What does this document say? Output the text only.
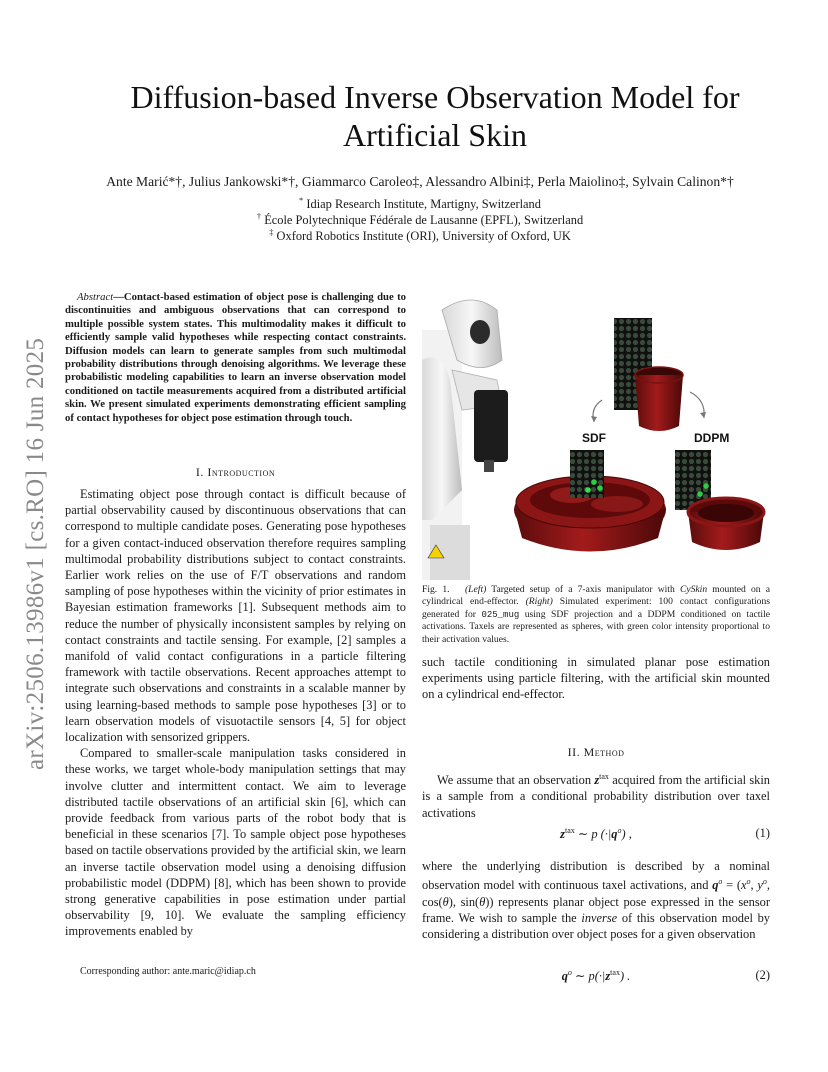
arXiv:2506.13986v1 [cs.RO] 16 Jun 2025
Diffusion-based Inverse Observation Model for Artificial Skin
Ante Marić*†, Julius Jankowski*†, Giammarco Caroleo‡, Alessandro Albini‡, Perla Maiolino‡, Sylvain Calinon*†
* Idiap Research Institute, Martigny, Switzerland
† École Polytechnique Fédérale de Lausanne (EPFL), Switzerland
‡ Oxford Robotics Institute (ORI), University of Oxford, UK
Abstract—Contact-based estimation of object pose is challenging due to discontinuities and ambiguous observations that can correspond to multiple possible system states. This multimodality makes it difficult to efficiently sample valid hypotheses while respecting contact constraints. Diffusion models can learn to generate samples from such multimodal probability distributions through denoising algorithms. We leverage these probabilistic modeling capabilities to learn an inverse observation model conditioned on tactile measurements acquired from a distributed artificial skin. We present simulated experiments demonstrating efficient sampling of contact hypotheses for object pose estimation through touch.
I. Introduction

Estimating object pose through contact is difficult because of partial observability caused by discontinuous observations that can correspond to multiple candidate poses. Generating pose hypotheses for a given contact-induced observation therefore requires sampling multimodal probability distributions subject to contact constraints. Earlier work relies on the use of F/T observations and random sampling of pose hypotheses within the vicinity of prior estimates in Bayesian estimation frameworks [1]. Subsequent methods aim to reduce the number of physically inconsistent samples by relying on contact constraints and tactile sensing. For example, [2] samples a manifold of valid contact configurations in a particle filtering framework with tactile observations. Recent approaches attempt to integrate such observations and constraints in a scalable manner by using learning-based methods to sample pose hypotheses [3] or to learn observation models of visuotactile sensors [4, 5] for object localization with sensorized grippers.

Compared to smaller-scale manipulation tasks considered in these works, we target whole-body manipulation settings that may involve clutter and intermittent contact. We aim to leverage distributed tactile observations of an artificial skin [6], which can provide feedback from various parts of the robot body that is beneficial in these scenarios [7]. To sample object pose hypotheses based on tactile observations provided by the artificial skin, we learn an inverse tactile observation model using a denoising diffusion probabilistic model (DDPM) [8], which has been shown to provide strong generative capabilities in pose estimation under partial observability [9, 10]. We evaluate the sampling efficiency improvements enabled by

Corresponding author: ante.maric@idiap.ch
SDF	DDPM
Fig. 1. (Left) Targeted setup of a 7-axis manipulator with CySkin mounted on a cylindrical end-effector. (Right) Simulated experiment: 100 contact configurations generated for 025_mug using SDF projection and a DDPM conditioned on tactile activations. Taxels are represented as spheres, with green color intensity proportional to their activation values.
such tactile conditioning in simulated planar pose estimation experiments using particle filtering, with the artificial skin mounted on a cylindrical end-effector.
II. Method
We assume that an observation $z^{tax}$ acquired from the artificial skin is a sample from a conditional probability distribution over taxel activations
$z^{tax}$ ∼ p $(\cdot|q^o)$ ,	(1)
where the underlying distribution is described by a nominal observation model with continuous taxel activations, and $q^o = (x^o$, $y^o$, cos(θ), sin(θ)) represents planar object pose expressed in the sensor frame. We wish to sample the inverse of this observation model by considering a distribution over object poses for a given observation
$q^o$ ∼ $p(\cdot|z^{tax})$ .	(2)
